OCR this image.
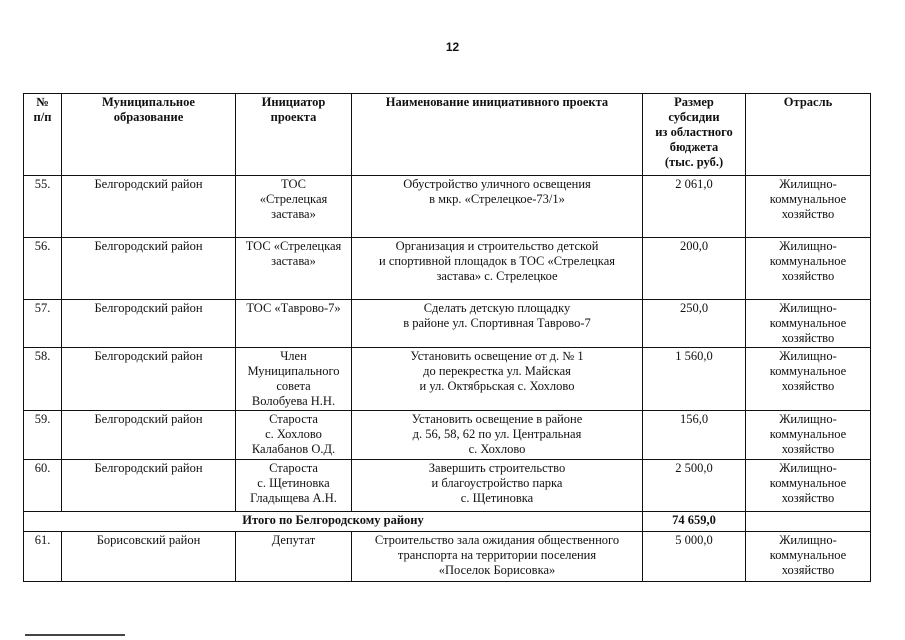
12
№
п/п	Муниципальное
образование	Инициатор
проекта	Наименование инициативного проекта	Размер
субсидии
из областного
бюджета
(тыс. руб.)	Отрасль

55.	Белгородский район	ТОС
«Стрелецкая
застава»	Обустройство уличного освещения
в мкр. «Стрелецкое-73/1»	2 061,0	Жилищно-
коммунальное
хозяйство

56.	Белгородский район	ТОС «Стрелецкая
застава»	Организация и строительство детской
и спортивной площадок в ТОС «Стрелецкая
застава» с. Стрелецкое	200,0	Жилищно-
коммунальное
хозяйство

57.	Белгородский район	ТОС «Таврово-7»	Сделать детскую площадку
в районе ул. Спортивная Таврово-7	250,0	Жилищно-
коммунальное
хозяйство

58.	Белгородский район	Член
Муниципального
совета
Волобуева Н.Н.	Установить освещение от д. № 1
до перекрестка ул. Майская
и ул. Октябрьская с. Хохлово	1 560,0	Жилищно-
коммунальное
хозяйство

59.	Белгородский район	Староста
с. Хохлово
Калабанов О.Д.	Установить освещение в районе
д. 56, 58, 62 по ул. Центральная
с. Хохлово	156,0	Жилищно-
коммунальное
хозяйство

60.	Белгородский район	Староста
с. Щетиновка
Гладыщева А.Н.	Завершить строительство
и благоустройство парка
с. Щетиновка	2 500,0	Жилищно-
коммунальное
хозяйство

Итого по Белгородскому району				74 659,0	
61.	Борисовский район	Депутат	Строительство зала ожидания общественного
транспорта на территории поселения
«Поселок Борисовка»	5 000,0	Жилищно-
коммунальное
хозяйство
